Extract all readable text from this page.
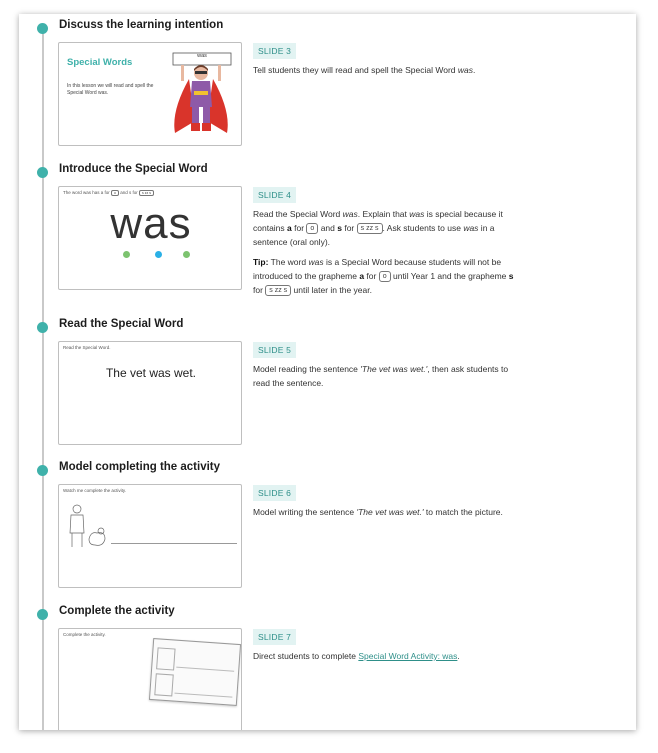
Discuss the learning intention
Special Words
In this lesson we will read and spell the Special Word was.
was	SLIDE 3

Tell students they will read and spell the Special Word was.

Introduce the Special Word
The word was has a for o and s for s zz s
was
SLIDE 4

Read the Special Word was. Explain that was is special because it contains a for o and s for s zz s . Ask students to use was in a sentence (oral only).

Tip: The word was is a Special Word because students will not be introduced to the grapheme a for o until Year 1 and the grapheme s for s zz s until later in the year.

Read the Special Word
Read the Special Word.
The vet was wet.
SLIDE 5

Model reading the sentence 'The vet was wet.', then ask students to read the sentence.

Model completing the activity
Watch me complete the activity.	SLIDE 6

Model writing the sentence 'The vet was wet.' to match the picture.

Complete the activity
Complete the activity.	SLIDE 7

Direct students to complete Special Word Activity: was.
